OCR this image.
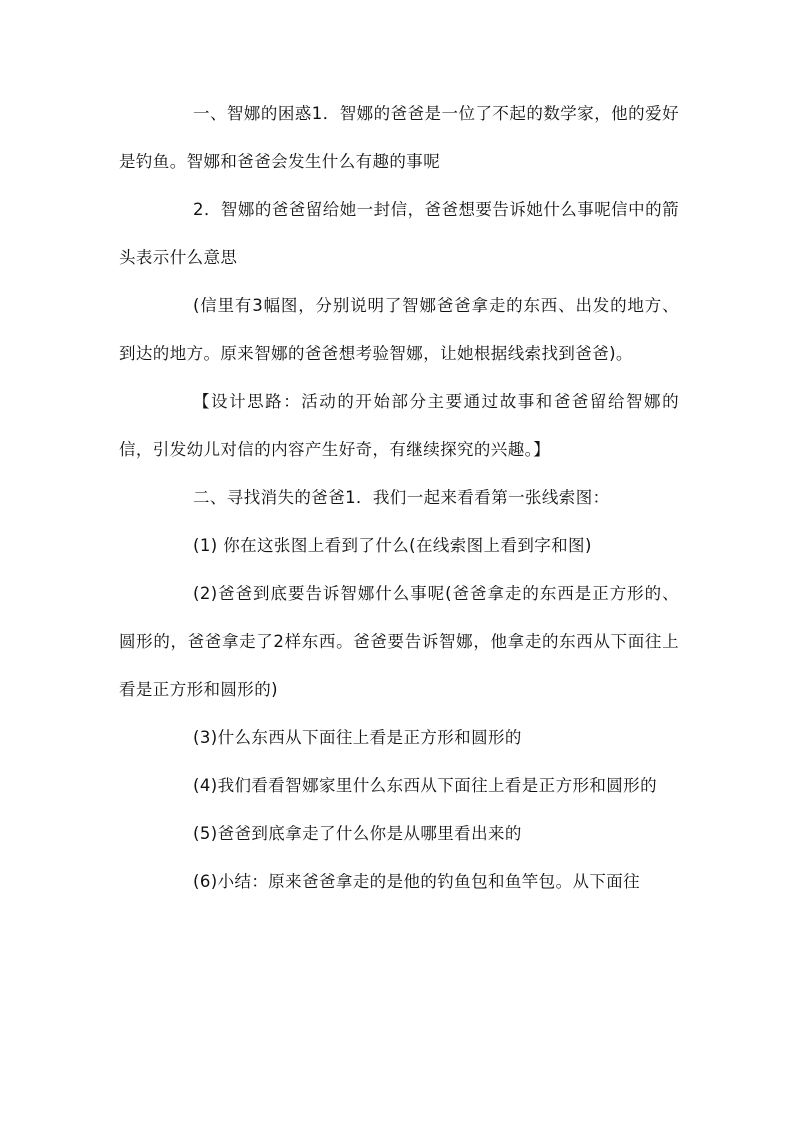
一、智娜的困惑1．智娜的爸爸是一位了不起的数学家，他的爱好是钓鱼。智娜和爸爸会发生什么有趣的事呢

2．智娜的爸爸留给她一封信，爸爸想要告诉她什么事呢信中的箭头表示什么意思

(信里有3幅图，分别说明了智娜爸爸拿走的东西、出发的地方、到达的地方。原来智娜的爸爸想考验智娜，让她根据线索找到爸爸)。

【设计思路：活动的开始部分主要通过故事和爸爸留给智娜的信，引发幼儿对信的内容产生好奇，有继续探究的兴趣。】

二、寻找消失的爸爸1．我们一起来看看第一张线索图：

(1) 你在这张图上看到了什么(在线索图上看到字和图)

(2)爸爸到底要告诉智娜什么事呢(爸爸拿走的东西是正方形的、圆形的，爸爸拿走了2样东西。爸爸要告诉智娜，他拿走的东西从下面往上看是正方形和圆形的)

(3)什么东西从下面往上看是正方形和圆形的

(4)我们看看智娜家里什么东西从下面往上看是正方形和圆形的

(5)爸爸到底拿走了什么你是从哪里看出来的

(6)小结：原来爸爸拿走的是他的钓鱼包和鱼竿包。从下面往
